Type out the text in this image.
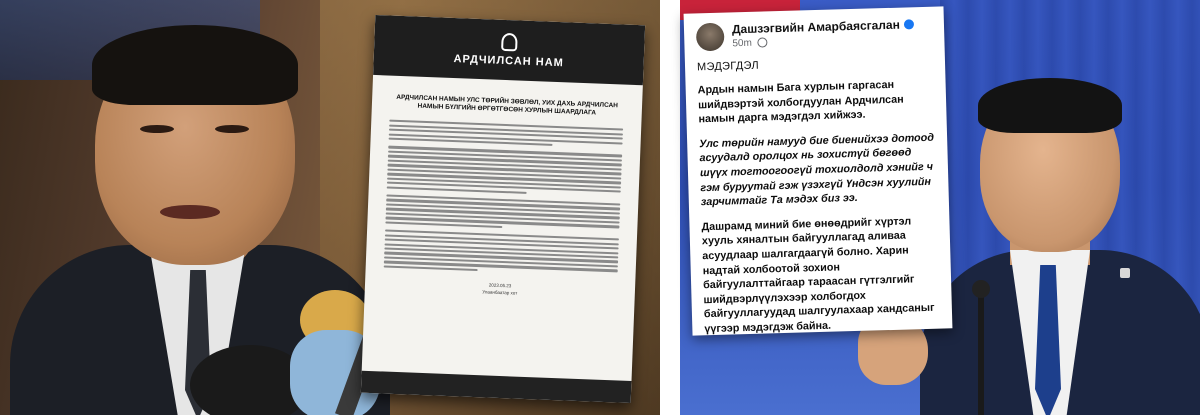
АРДЧИЛСАН НАМ
АРДЧИЛСАН НАМЫН УЛС ТӨРИЙН ЗӨВЛӨЛ, УИХ ДАХЬ АРДЧИЛСАН НАМЫН БҮЛГИЙН ӨРГӨТГӨСӨН ХУРЛЫН ШААРДЛАГА
2023.05.23
Улаанбаатар хот
Дашзэгвийн Амарбаясгалан
50m
МЭДЭГДЭЛ
Ардын намын Бага хурлын гаргасан шийдвэртэй холбогдуулан Ардчилсан намын дарга мэдэгдэл хийжээ.
Улс төрийн намууд бие биенийхээ дотоод асуудалд оролцох нь зохистүй бөгөөд шүүх тогтоогоогүй тохиолдолд хэнийг ч гэм буруутай гэж үзэхгүй Үндсэн хуулийн зарчимтайг Та мэдэх биз ээ.
Дашрамд миний бие өнөөдрийг хүртэл хууль хяналтын байгууллагад аливаа асуудлаар шалгагдаагүй болно. Харин надтай холбоотой зохион байгуулалттайгаар тараасан гүтгэлгийг шийдвэрлүүлэхээр холбогдох байгууллагуудад шалгуулахаар хандсаныг үүгээр мэдэгдэж байна.
